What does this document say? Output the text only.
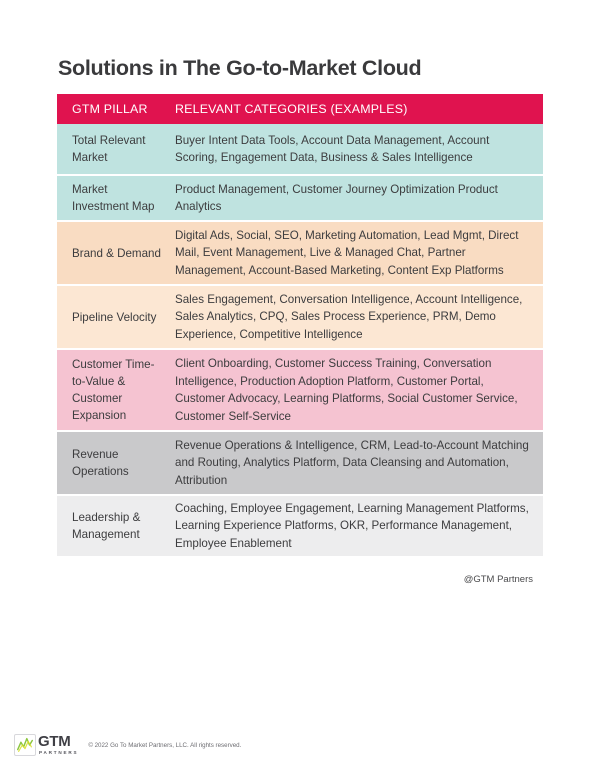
Solutions in The Go-to-Market Cloud
GTM PILLAR	RELEVANT CATEGORIES (EXAMPLES)
Total Relevant Market
Buyer Intent Data Tools, Account Data Management, Account Scoring, Engagement Data, Business & Sales Intelligence
Market Investment Map
Product Management, Customer Journey Optimization Product Analytics
Brand & Demand
Digital Ads, Social, SEO, Marketing Automation, Lead Mgmt, Direct Mail, Event Management, Live & Managed Chat, Partner Management, Account-Based Marketing, Content Exp Platforms
Pipeline Velocity
Sales Engagement, Conversation Intelligence, Account Intelligence, Sales Analytics, CPQ, Sales Process Experience, PRM, Demo Experience, Competitive Intelligence
Customer Time-to-Value & Customer Expansion
Client Onboarding, Customer Success Training, Conversation Intelligence, Production Adoption Platform, Customer Portal, Customer Advocacy, Learning Platforms, Social Customer Service, Customer Self-Service
Revenue Operations
Revenue Operations & Intelligence, CRM, Lead-to-Account Matching and Routing, Analytics Platform, Data Cleansing and Automation, Attribution
Leadership & Management
Coaching, Employee Engagement, Learning Management Platforms, Learning Experience Platforms, OKR, Performance Management, Employee Enablement
@GTM Partners
GTM
PARTNERS
© 2022 Go To Market Partners, LLC. All rights reserved.
